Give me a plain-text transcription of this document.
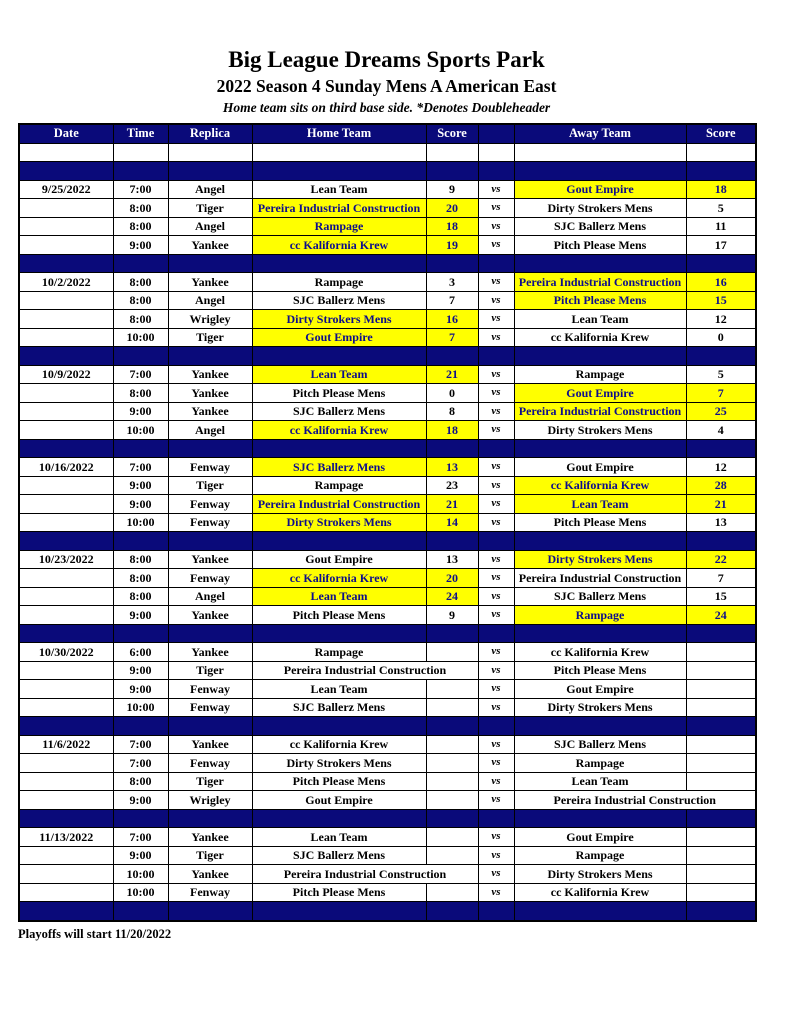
Big League Dreams Sports Park
2022 Season 4 Sunday Mens A American East
Home team sits on third base side. *Denotes Doubleheader
Date	Time	Replica	Home Team	Score		Away Team	Score

9/25/2022	7:00	Angel	Lean Team	9	vs	Gout Empire	18
	8:00	Tiger	Pereira Industrial Construction	20	vs	Dirty Strokers Mens	5
	8:00	Angel	Rampage	18	vs	SJC Ballerz Mens	11
	9:00	Yankee	cc Kalifornia Krew	19	vs	Pitch Please Mens	17

10/2/2022	8:00	Yankee	Rampage	3	vs	Pereira Industrial Construction	16
	8:00	Angel	SJC Ballerz Mens	7	vs	Pitch Please Mens	15
	8:00	Wrigley	Dirty Strokers Mens	16	vs	Lean Team	12
	10:00	Tiger	Gout Empire	7	vs	cc Kalifornia Krew	0

10/9/2022	7:00	Yankee	Lean Team	21	vs	Rampage	5
	8:00	Yankee	Pitch Please Mens	0	vs	Gout Empire	7
	9:00	Yankee	SJC Ballerz Mens	8	vs	Pereira Industrial Construction	25
	10:00	Angel	cc Kalifornia Krew	18	vs	Dirty Strokers Mens	4

10/16/2022	7:00	Fenway	SJC Ballerz Mens	13	vs	Gout Empire	12
	9:00	Tiger	Rampage	23	vs	cc Kalifornia Krew	28
	9:00	Fenway	Pereira Industrial Construction	21	vs	Lean Team	21
	10:00	Fenway	Dirty Strokers Mens	14	vs	Pitch Please Mens	13

10/23/2022	8:00	Yankee	Gout Empire	13	vs	Dirty Strokers Mens	22
	8:00	Fenway	cc Kalifornia Krew	20	vs	Pereira Industrial Construction	7
	8:00	Angel	Lean Team	24	vs	SJC Ballerz Mens	15
	9:00	Yankee	Pitch Please Mens	9	vs	Rampage	24

10/30/2022	6:00	Yankee	Rampage		vs	cc Kalifornia Krew	
	9:00	Tiger	Pereira Industrial Construction		vs	Pitch Please Mens	
	9:00	Fenway	Lean Team		vs	Gout Empire	
	10:00	Fenway	SJC Ballerz Mens		vs	Dirty Strokers Mens	

11/6/2022	7:00	Yankee	cc Kalifornia Krew		vs	SJC Ballerz Mens	
	7:00	Fenway	Dirty Strokers Mens		vs	Rampage	
	8:00	Tiger	Pitch Please Mens		vs	Lean Team	
	9:00	Wrigley	Gout Empire		vs	Pereira Industrial Construction	

11/13/2022	7:00	Yankee	Lean Team		vs	Gout Empire	
	9:00	Tiger	SJC Ballerz Mens		vs	Rampage	
	10:00	Yankee	Pereira Industrial Construction		vs	Dirty Strokers Mens	
	10:00	Fenway	Pitch Please Mens		vs	cc Kalifornia Krew	

Playoffs will start 11/20/2022
